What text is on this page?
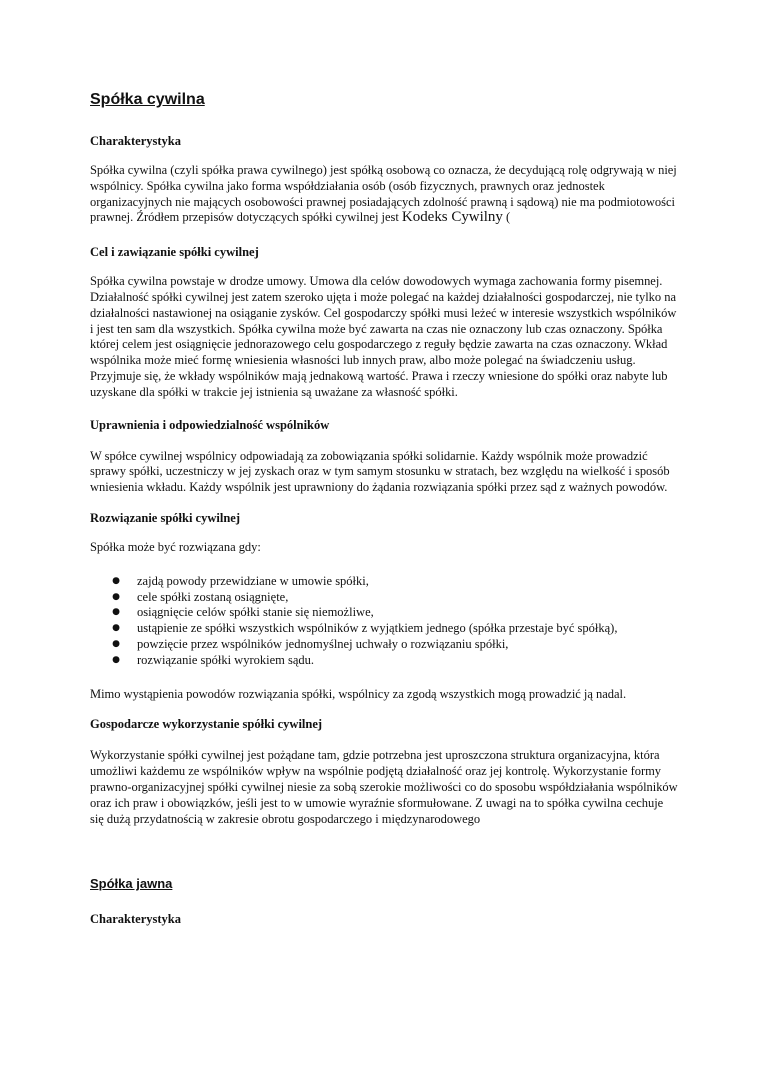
Spółka cywilna
Charakterystyka

Spółka cywilna (czyli spółka prawa cywilnego) jest spółką osobową co oznacza, że decydującą rolę odgrywają w niej wspólnicy. Spółka cywilna jako forma współdziałania osób (osób fizycznych, prawnych oraz jednostek organizacyjnych nie mających osobowości prawnej posiadających zdolność prawną i sądową) nie ma podmiotowości prawnej. Źródłem przepisów dotyczących spółki cywilnej jest Kodeks Cywilny (

Cel i zawiązanie spółki cywilnej

Spółka cywilna powstaje w drodze umowy. Umowa dla celów dowodowych wymaga zachowania formy pisemnej. Działalność spółki cywilnej jest zatem szeroko ujęta i może polegać na każdej działalności gospodarczej, nie tylko na działalności nastawionej na osiąganie zysków. Cel gospodarczy spółki musi leżeć w interesie wszystkich wspólników i jest ten sam dla wszystkich. Spółka cywilna może być zawarta na czas nie oznaczony lub czas oznaczony. Spółka której celem jest osiągnięcie jednorazowego celu gospodarczego z reguły będzie zawarta na czas oznaczony. Wkład wspólnika może mieć formę wniesienia własności lub innych praw, albo może polegać na świadczeniu usług. Przyjmuje się, że wkłady wspólników mają jednakową wartość. Prawa i rzeczy wniesione do spółki oraz nabyte lub uzyskane dla spółki w trakcie jej istnienia są uważane za własność spółki.

Uprawnienia i odpowiedzialność wspólników

W spółce cywilnej wspólnicy odpowiadają za zobowiązania spółki solidarnie. Każdy wspólnik może prowadzić sprawy spółki, uczestniczy w jej zyskach oraz w tym samym stosunku w stratach, bez względu na wielkość i sposób wniesienia wkładu. Każdy wspólnik jest uprawniony do żądania rozwiązania spółki przez sąd z ważnych powodów.

Rozwiązanie spółki cywilnej

Spółka może być rozwiązana gdy:

● zajdą powody przewidziane w umowie spółki,
● cele spółki zostaną osiągnięte,
● osiągnięcie celów spółki stanie się niemożliwe,
● ustąpienie ze spółki wszystkich wspólników z wyjątkiem jednego (spółka przestaje być spółką),
● powzięcie przez wspólników jednomyślnej uchwały o rozwiązaniu spółki,
● rozwiązanie spółki wyrokiem sądu.

Mimo wystąpienia powodów rozwiązania spółki, wspólnicy za zgodą wszystkich mogą prowadzić ją nadal.

Gospodarcze wykorzystanie spółki cywilnej

Wykorzystanie spółki cywilnej jest pożądane tam, gdzie potrzebna jest uproszczona struktura organizacyjna, która umożliwi każdemu ze wspólników wpływ na wspólnie podjętą działalność oraz jej kontrolę. Wykorzystanie formy prawno-organizacyjnej spółki cywilnej niesie za sobą szerokie możliwości co do sposobu współdziałania wspólników oraz ich praw i obowiązków, jeśli jest to w umowie wyraźnie sformułowane. Z uwagi na to spółka cywilna cechuje się dużą przydatnością w zakresie obrotu gospodarczego i międzynarodowego

Spółka jawna
Charakterystyka
